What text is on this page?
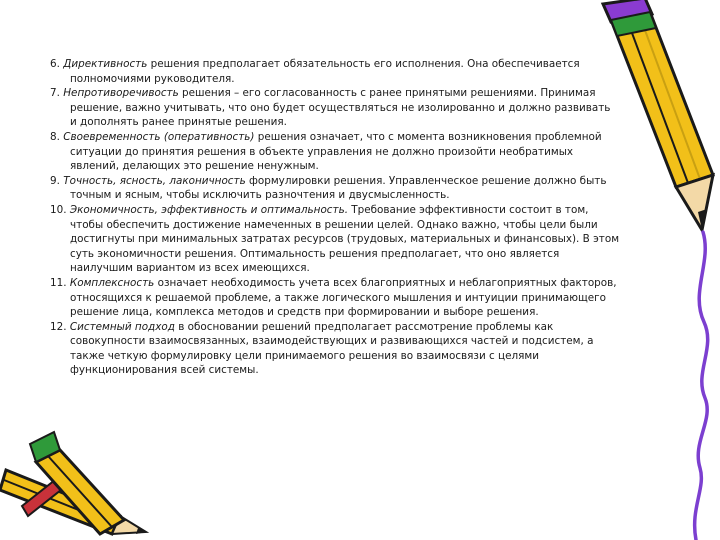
6. Директивность решения предполагает обязательность его исполнения. Она обеспечивается полномочиями руководителя.

7. Непротиворечивость решения – его согласованность с ранее принятыми решениями. Принимая решение, важно учитывать, что оно будет осуществляться не изолированно и должно развивать и дополнять ранее принятые решения.

8. Своевременность (оперативность) решения означает, что с момента возникновения проблемной ситуации до принятия решения в объекте управления не должно произойти необратимых явлений, делающих это решение ненужным.

9. Точность, ясность, лаконичность формулировки решения. Управленческое решение должно быть точным и ясным, чтобы исключить разночтения и двусмысленность.

10. Экономичность, эффективность и оптимальность. Требование эффективности состоит в том, чтобы обеспечить достижение намеченных в решении целей. Однако важно, чтобы цели были достигнуты при минимальных затратах ресурсов (трудовых, материальных и финансовых). В этом суть экономичности решения. Оптимальность решения предполагает, что оно является наилучшим вариантом из всех имеющихся.

11. Комплексность означает необходимость учета всех благоприятных и неблагоприятных факторов, относящихся к решаемой проблеме, а также логического мышления и интуиции принимающего решение лица, комплекса методов и средств при формировании и выборе решения.

12. Системный подход в обосновании решений предполагает рассмотрение проблемы как совокупности взаимосвязанных, взаимодействующих и развивающихся частей и подсистем, а также четкую формулировку цели принимаемого решения во взаимосвязи с целями функционирования всей системы.
